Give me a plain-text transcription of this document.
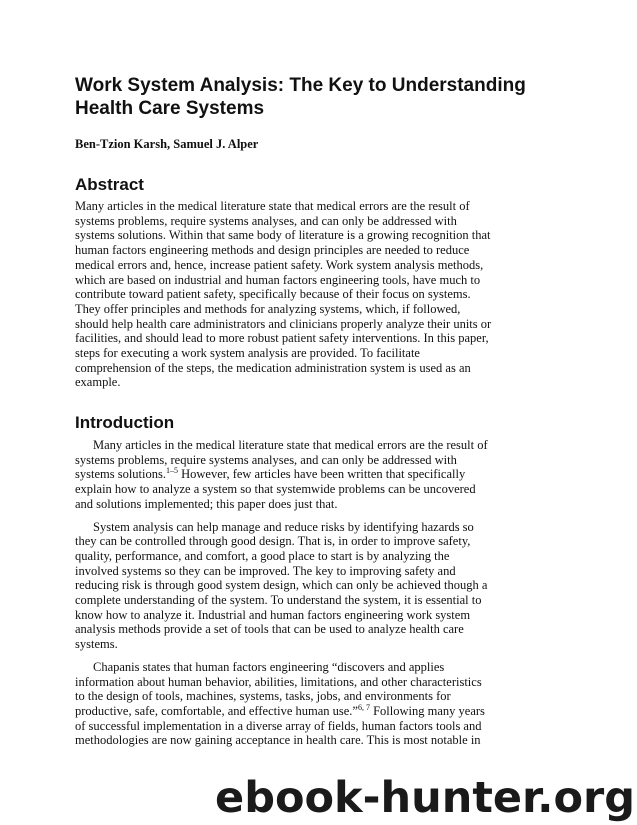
Work System Analysis: The Key to Understanding Health Care Systems
Ben-Tzion Karsh, Samuel J. Alper
Abstract

Many articles in the medical literature state that medical errors are the result of systems problems, require systems analyses, and can only be addressed with systems solutions. Within that same body of literature is a growing recognition that human factors engineering methods and design principles are needed to reduce medical errors and, hence, increase patient safety. Work system analysis methods, which are based on industrial and human factors engineering tools, have much to contribute toward patient safety, specifically because of their focus on systems. They offer principles and methods for analyzing systems, which, if followed, should help health care administrators and clinicians properly analyze their units or facilities, and should lead to more robust patient safety interventions. In this paper, steps for executing a work system analysis are provided. To facilitate comprehension of the steps, the medication administration system is used as an example.

Introduction

Many articles in the medical literature state that medical errors are the result of systems problems, require systems analyses, and can only be addressed with systems solutions.$^{1-5}$ However, few articles have been written that specifically explain how to analyze a system so that systemwide problems can be uncovered and solutions implemented; this paper does just that.

System analysis can help manage and reduce risks by identifying hazards so they can be controlled through good design. That is, in order to improve safety, quality, performance, and comfort, a good place to start is by analyzing the involved systems so they can be improved. The key to improving safety and reducing risk is through good system design, which can only be achieved though a complete understanding of the system. To understand the system, it is essential to know how to analyze it. Industrial and human factors engineering work system analysis methods provide a set of tools that can be used to analyze health care systems.

Chapanis states that human factors engineering “discovers and applies information about human behavior, abilities, limitations, and other characteristics to the design of tools, machines, systems, tasks, jobs, and environments for productive, safe, comfortable, and effective human use.”$^{6, 7}$ Following many years of successful implementation in a diverse array of fields, human factors tools and methodologies are now gaining acceptance in health care. This is most notable in

ebook-hunter.org
